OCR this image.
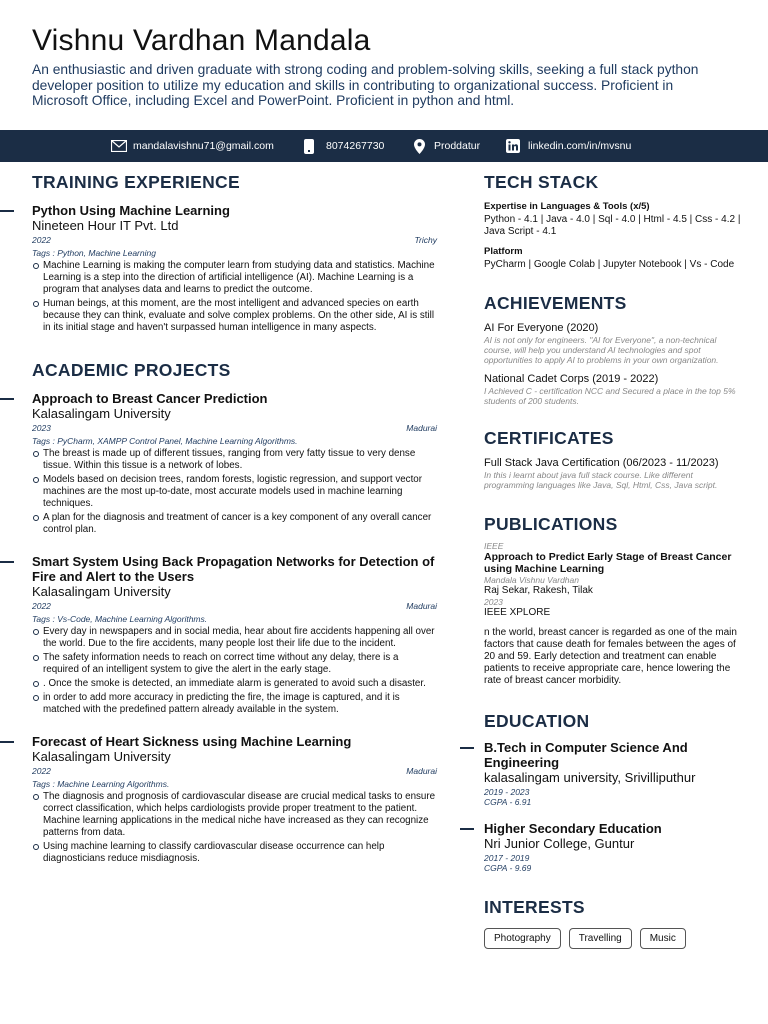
Vishnu Vardhan Mandala
An enthusiastic and driven graduate with strong coding and problem-solving skills, seeking a full stack python developer position to utilize my education and skills in contributing to organizational success. Proficient in Microsoft Office, including Excel and PowerPoint. Proficient in python and html.
mandalavishnu71@gmail.com	8074267730	Proddatur	linkedin.com/in/mvsnu
TRAINING EXPERIENCE
Python Using Machine Learning
Nineteen Hour IT Pvt. Ltd
2022	Trichy
Tags : Python, Machine Learning
Machine Learning is making the computer learn from studying data and statistics. Machine Learning is a step into the direction of artificial intelligence (AI). Machine Learning is a program that analyses data and learns to predict the outcome.
Human beings, at this moment, are the most intelligent and advanced species on earth because they can think, evaluate and solve complex problems. On the other side, AI is still in its initial stage and haven't surpassed human intelligence in many aspects.
ACADEMIC PROJECTS
Approach to Breast Cancer Prediction
Kalasalingam University
2023	Madurai
Tags : PyCharm, XAMPP Control Panel, Machine Learning Algorithms.
The breast is made up of different tissues, ranging from very fatty tissue to very dense tissue. Within this tissue is a network of lobes.
Models based on decision trees, random forests, logistic regression, and support vector machines are the most up-to-date, most accurate models used in machine learning techniques.
A plan for the diagnosis and treatment of cancer is a key component of any overall cancer control plan.
Smart System Using Back Propagation Networks for Detection of Fire and Alert to the Users
Kalasalingam University
2022	Madurai
Tags : Vs-Code, Machine Learning Algorithms.
Every day in newspapers and in social media, hear about fire accidents happening all over the world. Due to the fire accidents, many people lost their life due to the incident.
The safety information needs to reach on correct time without any delay, there is a required of an intelligent system to give the alert in the early stage.
. Once the smoke is detected, an immediate alarm is generated to avoid such a disaster.
in order to add more accuracy in predicting the fire, the image is captured, and it is matched with the predefined pattern already available in the system.
Forecast of Heart Sickness using Machine Learning
Kalasalingam University
2022	Madurai
Tags : Machine Learning Algorithms.
The diagnosis and prognosis of cardiovascular disease are crucial medical tasks to ensure correct classification, which helps cardiologists provide proper treatment to the patient. Machine learning applications in the medical niche have increased as they can recognize patterns from data.
Using machine learning to classify cardiovascular disease occurrence can help diagnosticians reduce misdiagnosis.
TECH STACK
Expertise in Languages & Tools (x/5)
Python - 4.1 | Java - 4.0 | Sql - 4.0 | Html - 4.5 | Css - 4.2 | Java Script - 4.1
Platform
PyCharm | Google Colab | Jupyter Notebook | Vs - Code
ACHIEVEMENTS
AI For Everyone (2020)
AI is not only for engineers. "AI for Everyone", a non-technical course, will help you understand AI technologies and spot opportunities to apply AI to problems in your own organization.
National Cadet Corps (2019 - 2022)
I Achieved C - certification NCC and Secured a place in the top 5% students of 200 students.
CERTIFICATES
Full Stack Java Certification (06/2023 - 11/2023)
In this i learnt about java full stack course. Like different programming languages like Java, Sql, Html, Css, Java script.
PUBLICATIONS
IEEE
Approach to Predict Early Stage of Breast Cancer using Machine Learning
Mandala Vishnu Vardhan
Raj Sekar, Rakesh, Tilak
2023
IEEE XPLORE
n the world, breast cancer is regarded as one of the main factors that cause death for females between the ages of 20 and 59. Early detection and treatment can enable patients to receive appropriate care, hence lowering the rate of breast cancer morbidity.
EDUCATION
B.Tech in Computer Science And Engineering
kalasalingam university, Srivilliputhur
2019 - 2023
CGPA - 6.91
Higher Secondary Education
Nri Junior College, Guntur
2017 - 2019
CGPA - 9.69
INTERESTS
Photography	Travelling	Music
